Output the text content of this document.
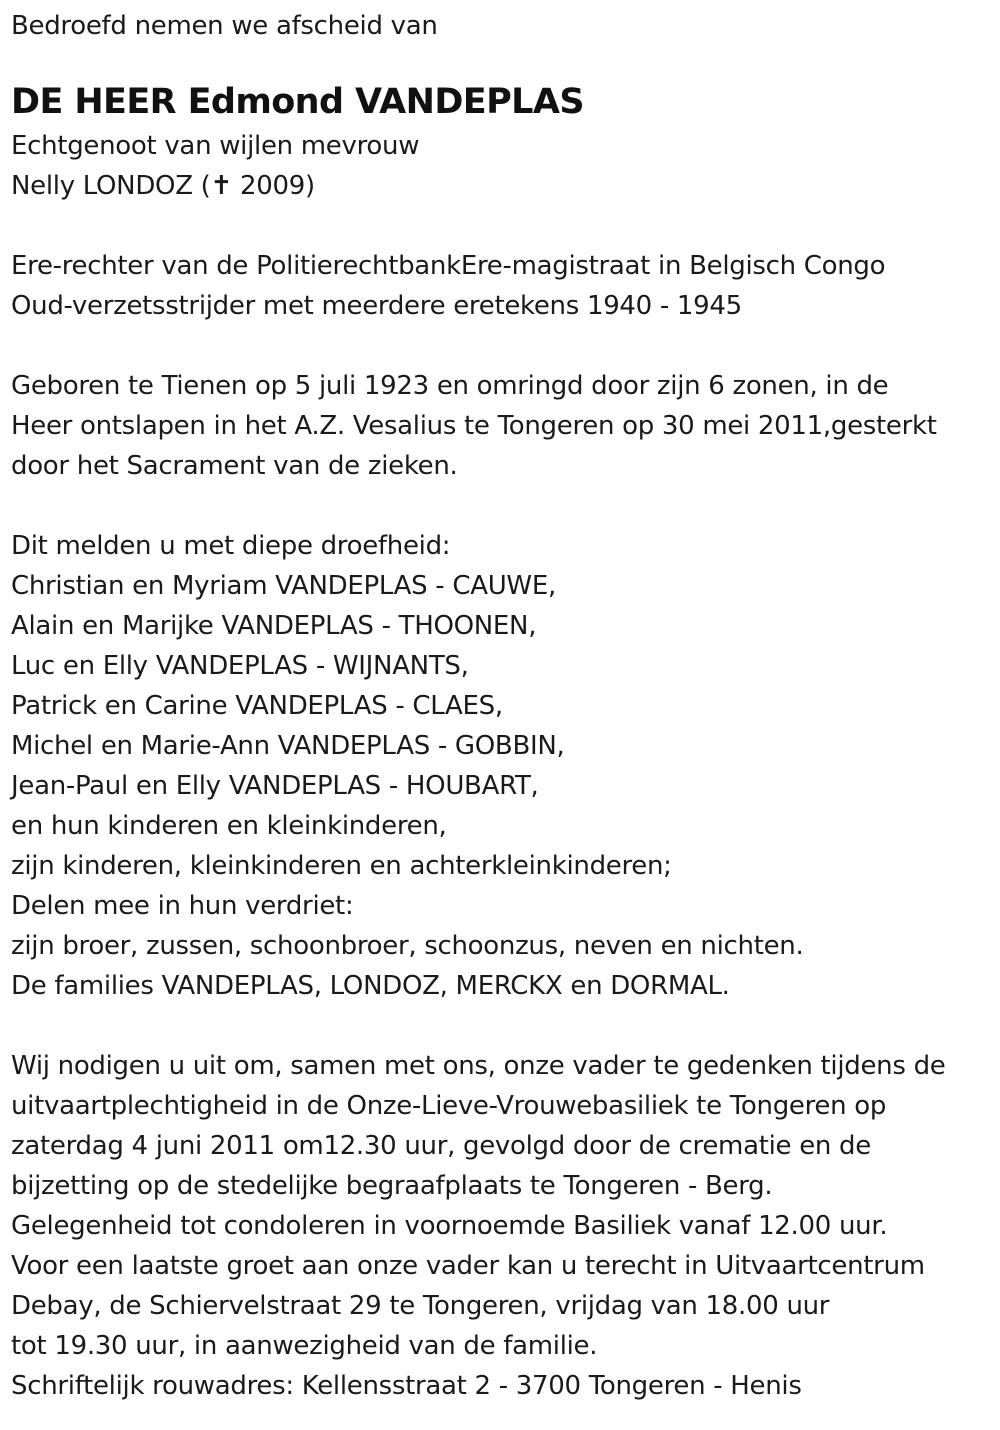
Bedroefd nemen we afscheid van
DE HEER Edmond VANDEPLAS
Echtgenoot van wijlen mevrouw
Nelly LONDOZ (✝ 2009)
Ere-rechter van de PolitierechtbankEre-magistraat in Belgisch Congo
Oud-verzetsstrijder met meerdere eretekens 1940 - 1945
Geboren te Tienen op 5 juli 1923 en omringd door zijn 6 zonen, in de
Heer ontslapen in het A.Z. Vesalius te Tongeren op 30 mei 2011,gesterkt
door het Sacrament van de zieken.
Dit melden u met diepe droefheid:
Christian en Myriam VANDEPLAS - CAUWE,
Alain en Marijke VANDEPLAS - THOONEN,
Luc en Elly VANDEPLAS - WIJNANTS,
Patrick en Carine VANDEPLAS - CLAES,
Michel en Marie-Ann VANDEPLAS - GOBBIN,
Jean-Paul en Elly VANDEPLAS - HOUBART,
en hun kinderen en kleinkinderen,
zijn kinderen, kleinkinderen en achterkleinkinderen;
Delen mee in hun verdriet:
zijn broer, zussen, schoonbroer, schoonzus, neven en nichten.
De families VANDEPLAS, LONDOZ, MERCKX en DORMAL.
Wij nodigen u uit om, samen met ons, onze vader te gedenken tijdens de
uitvaartplechtigheid in de Onze-Lieve-Vrouwebasiliek te Tongeren op
zaterdag 4 juni 2011 om12.30 uur, gevolgd door de crematie en de
bijzetting op de stedelijke begraafplaats te Tongeren - Berg.
Gelegenheid tot condoleren in voornoemde Basiliek vanaf 12.00 uur.
Voor een laatste groet aan onze vader kan u terecht in Uitvaartcentrum
Debay, de Schiervelstraat 29 te Tongeren, vrijdag van 18.00 uur
tot 19.30 uur, in aanwezigheid van de familie.
Schriftelijk rouwadres: Kellensstraat 2 - 3700 Tongeren - Henis
